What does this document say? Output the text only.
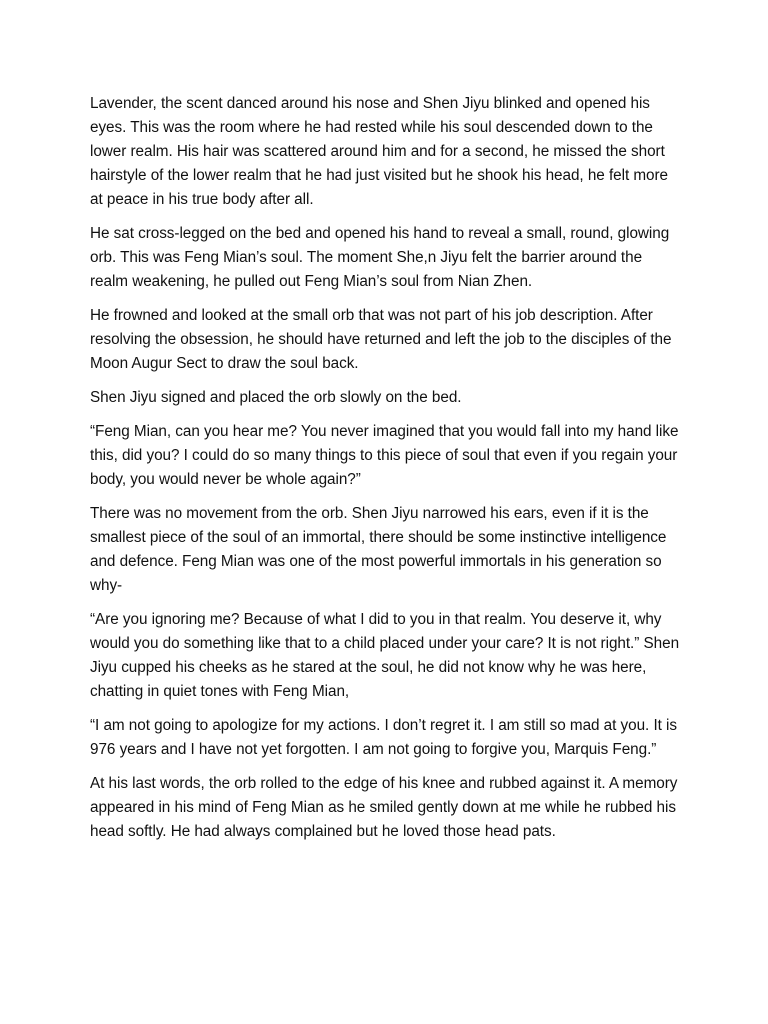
Lavender, the scent danced around his nose and Shen Jiyu blinked and opened his eyes. This was the room where he had rested while his soul descended down to the lower realm. His hair was scattered around him and for a second, he missed the short hairstyle of the lower realm that he had just visited but he shook his head, he felt more at peace in his true body after all.

He sat cross-legged on the bed and opened his hand to reveal a small, round, glowing orb. This was Feng Mian’s soul. The moment She,n Jiyu felt the barrier around the realm weakening, he pulled out Feng Mian’s soul from Nian Zhen.

He frowned and looked at the small orb that was not part of his job description. After resolving the obsession, he should have returned and left the job to the disciples of the Moon Augur Sect to draw the soul back.

Shen Jiyu signed and placed the orb slowly on the bed.

“Feng Mian, can you hear me? You never imagined that you would fall into my hand like this, did you? I could do so many things to this piece of soul that even if you regain your body, you would never be whole again?”

There was no movement from the orb. Shen Jiyu narrowed his ears, even if it is the smallest piece of the soul of an immortal, there should be some instinctive intelligence and defence. Feng Mian was one of the most powerful immortals in his generation so why-

“Are you ignoring me? Because of what I did to you in that realm. You deserve it, why would you do something like that to a child placed under your care? It is not right.” Shen Jiyu cupped his cheeks as he stared at the soul, he did not know why he was here, chatting in quiet tones with Feng Mian,

“I am not going to apologize for my actions. I don’t regret it. I am still so mad at you. It is 976 years and I have not yet forgotten. I am not going to forgive you, Marquis Feng.”

At his last words, the orb rolled to the edge of his knee and rubbed against it. A memory appeared in his mind of Feng Mian as he smiled gently down at me while he rubbed his head softly. He had always complained but he loved those head pats.
